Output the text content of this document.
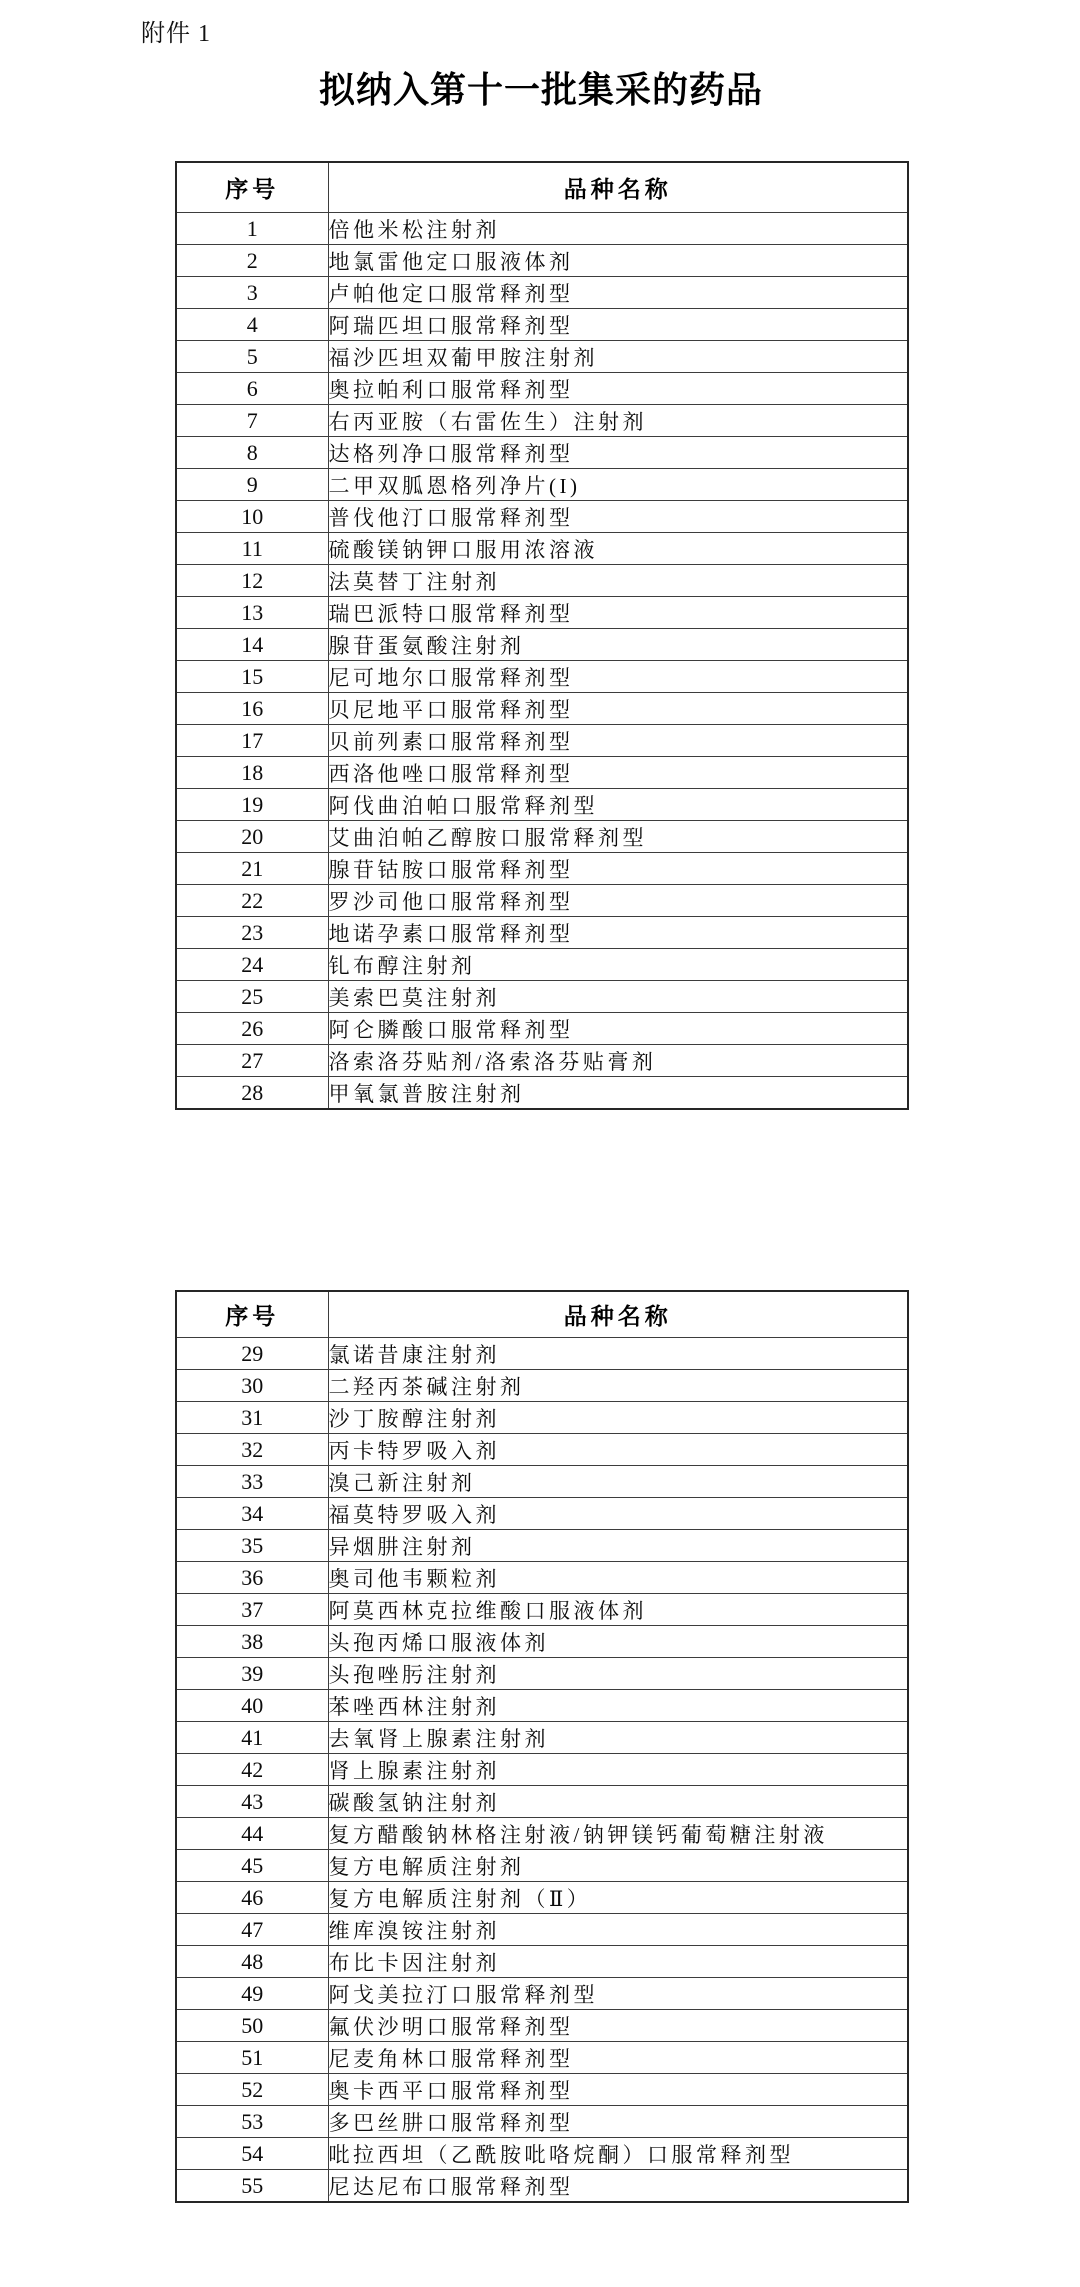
附件 1
拟纳入第十一批集采的药品
序号	品种名称
1	倍他米松注射剂
2	地氯雷他定口服液体剂
3	卢帕他定口服常释剂型
4	阿瑞匹坦口服常释剂型
5	福沙匹坦双葡甲胺注射剂
6	奥拉帕利口服常释剂型
7	右丙亚胺（右雷佐生）注射剂
8	达格列净口服常释剂型
9	二甲双胍恩格列净片(I)
10	普伐他汀口服常释剂型
11	硫酸镁钠钾口服用浓溶液
12	法莫替丁注射剂
13	瑞巴派特口服常释剂型
14	腺苷蛋氨酸注射剂
15	尼可地尔口服常释剂型
16	贝尼地平口服常释剂型
17	贝前列素口服常释剂型
18	西洛他唑口服常释剂型
19	阿伐曲泊帕口服常释剂型
20	艾曲泊帕乙醇胺口服常释剂型
21	腺苷钴胺口服常释剂型
22	罗沙司他口服常释剂型
23	地诺孕素口服常释剂型
24	钆布醇注射剂
25	美索巴莫注射剂
26	阿仑膦酸口服常释剂型
27	洛索洛芬贴剂/洛索洛芬贴膏剂
28	甲氧氯普胺注射剂
序号	品种名称
29	氯诺昔康注射剂
30	二羟丙茶碱注射剂
31	沙丁胺醇注射剂
32	丙卡特罗吸入剂
33	溴己新注射剂
34	福莫特罗吸入剂
35	异烟肼注射剂
36	奥司他韦颗粒剂
37	阿莫西林克拉维酸口服液体剂
38	头孢丙烯口服液体剂
39	头孢唑肟注射剂
40	苯唑西林注射剂
41	去氧肾上腺素注射剂
42	肾上腺素注射剂
43	碳酸氢钠注射剂
44	复方醋酸钠林格注射液/钠钾镁钙葡萄糖注射液
45	复方电解质注射剂
46	复方电解质注射剂（Ⅱ）
47	维库溴铵注射剂
48	布比卡因注射剂
49	阿戈美拉汀口服常释剂型
50	氟伏沙明口服常释剂型
51	尼麦角林口服常释剂型
52	奥卡西平口服常释剂型
53	多巴丝肼口服常释剂型
54	吡拉西坦（乙酰胺吡咯烷酮）口服常释剂型
55	尼达尼布口服常释剂型
